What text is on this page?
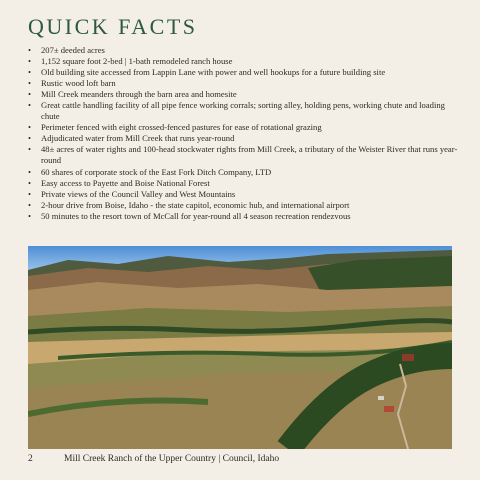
QUICK FACTS
• 207± deeded acres
• 1,152 square foot 2-bed | 1-bath remodeled ranch house
• Old building site accessed from Lappin Lane with power and well hookups for a future building site
• Rustic wood loft barn
• Mill Creek meanders through the barn area and homesite
• Great cattle handling facility of all pipe fence working corrals; sorting alley, holding pens, working chute and loading chute
• Perimeter fenced with eight crossed-fenced pastures for ease of rotational grazing
• Adjudicated water from Mill Creek that runs year-round
• 48± acres of water rights and 100-head stockwater rights from Mill Creek, a tributary of the Weister River that runs year-round
• 60 shares of corporate stock of the East Fork Ditch Company, LTD
• Easy access to Payette and Boise National Forest
• Private views of the Council Valley and West Mountains
• 2-hour drive from Boise, Idaho - the state capitol, economic hub, and international airport
• 50 minutes to the resort town of McCall for year-round all 4 season recreation rendezvous
2	Mill Creek Ranch of the Upper Country | Council, Idaho
